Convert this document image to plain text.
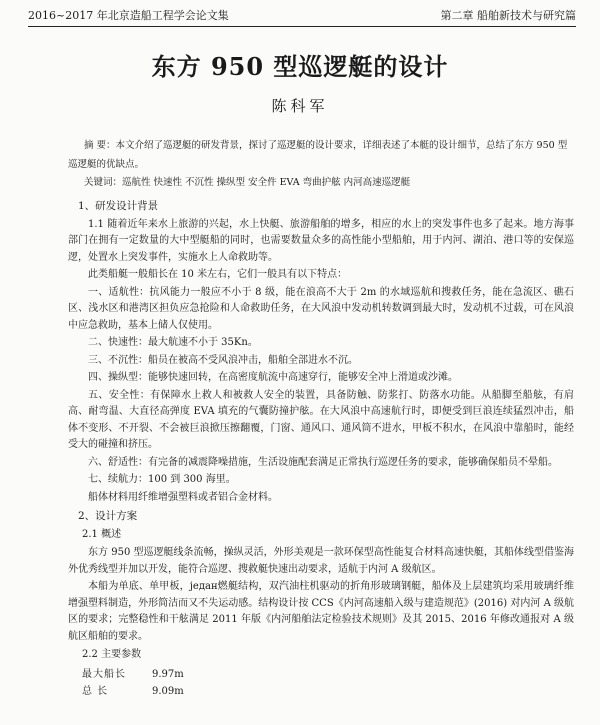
2016~2017 年北京造船工程学会论文集	第二章 船舶新技术与研究篇
东方 950 型巡逻艇的设计
陈科军
摘 要：本文介绍了巡逻艇的研发背景，探讨了巡逻艇的设计要求，详细表述了本艇的设计细节，总结了东方 950 型巡逻艇的优缺点。
关键词：巡航性 快速性 不沉性 操纵型 安全件 EVA 弯曲护舷 内河高速巡逻艇
1、研发设计背景

1.1 随着近年来水上旅游的兴起，水上快艇、旅游船舶的增多，相应的水上的突发事件也多了起来。地方海事部门在拥有一定数量的大中型艇船的同时，也需要数量众多的高性能小型船舶，用于内河、湖泊、港口等的安保巡逻，处置水上突发事件，实施水上人命救助等。

此类船艇一般船长在 10 米左右，它们一般具有以下特点：

一、适航性：抗风能力一般应不小于 8 级，能在浪高不大于 2m 的水域巡航和搜救任务，能在急流区、礁石区、浅水区和港湾区担负应急抢险和人命救助任务，在大风浪中发动机转数调到最大时，发动机不过载，可在风浪中应急救助，基本上储人仅使用。

二、快速性：最大航速不小于 35Kn。

三、不沉性：船员在被高不受风浪冲击，船舶全部进水不沉。

四、操纵型：能够快速回转，在高密度航流中高速穿行，能够安全冲上滑道或沙滩。

五、安全性：有保障水上救人和被救人安全的装置，具备防触、防浆打、防落水功能。从船脚至船舷，有肩高、耐弯温、大直径高弹度 EVA 填充的气囊防撞护舷。在大风浪中高速航行时，即便受到巨浪连续猛烈冲击，船体不变形、不开裂、不会被巨浪掀压擦翻覆，门窗、通风口、通风筒不进水，甲板不积水，在风浪中靠船时，能经受大的碰撞和挤压。

六、舒适性：有完备的减震降噪措施，生活设施配套满足正常执行巡逻任务的要求，能够确保船员不晕船。

七、续航力：100 到 300 海里。

船体材料用纤维增强塑料或者铝合金材料。

2、设计方案
2.1 概述

东方 950 型巡逻艇线条流畅，操纵灵活，外形美观是一款环保型高性能复合材料高速快艇，其船体线型借鉴海外优秀线型并加以开发，能符合巡逻、搜救艇快速出动要求，适航于内河 A 级航区。

本船为单底、单甲板，један燃艇结构，双汽油柱机驱动的折角形玻璃钢艇，船体及上层建筑均采用玻璃纤维增强塑料制造，外形简洁而又不失运动感。结构设计按 CCS《内河高速船入级与建造规范》(2016) 对内河 A 级航区的要求；完整稳性和干舷满足 2011 年版《内河船舶法定检验技术规则》及其 2015、2016 年修改通报对 A 级航区船舶的要求。

2.2 主要参数
最大船长	9.97m
总 长	9.09m
